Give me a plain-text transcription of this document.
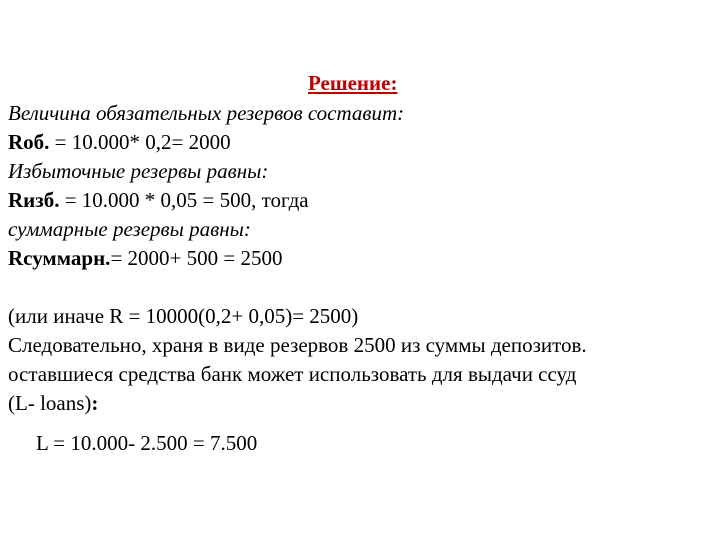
Решение:
Величина обязательных резервов составит:
Rоб. = 10.000* 0,2= 2000
Избыточные резервы равны:
Rизб. = 10.000 * 0,05 = 500, тогда
суммарные резервы равны:
Rсуммарн.= 2000+ 500 = 2500
(или иначе R = 10000(0,2+ 0,05)= 2500)
Следовательно, храня в виде резервов 2500 из суммы депозитов.
оставшиеся средства банк может использовать для выдачи ссуд
(L- loans):
L = 10.000- 2.500 = 7.500
